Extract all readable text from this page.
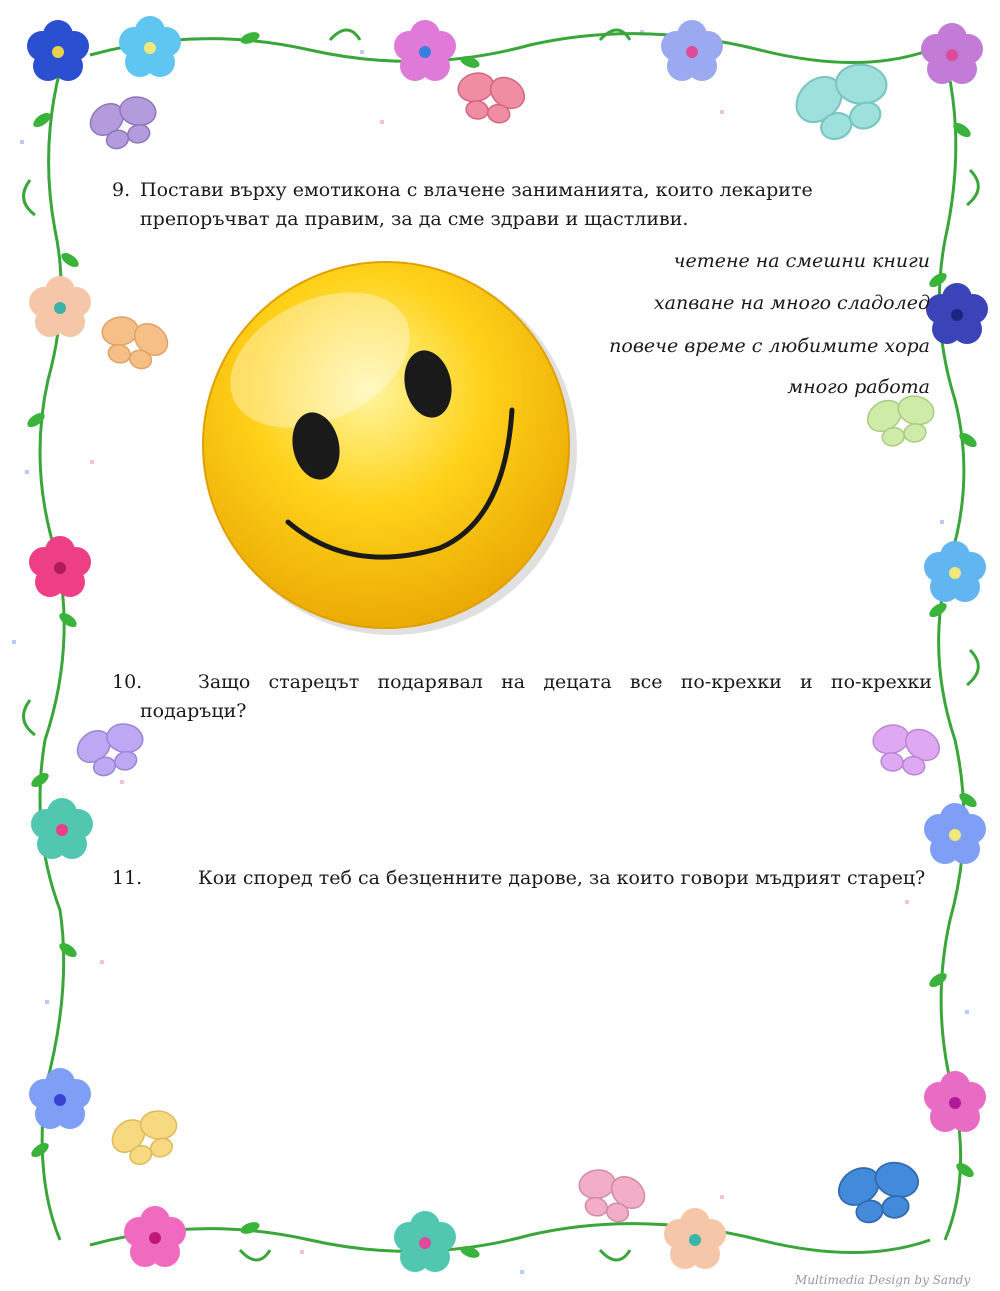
9. Постави върху емотикона с влачене заниманията, които лекарите
препоръчват да правим, за да сме здрави и щастливи.
четене на смешни книги
хапване на много сладолед
повече време с любимите хора
много работа
10.	Защо старецът подарявал на децата все по-крехки и по-крехки
подаръци?
11.	Кои според теб са безценните дарове, за които говори мъдрият старец?
Multimedia Design by Sandy
